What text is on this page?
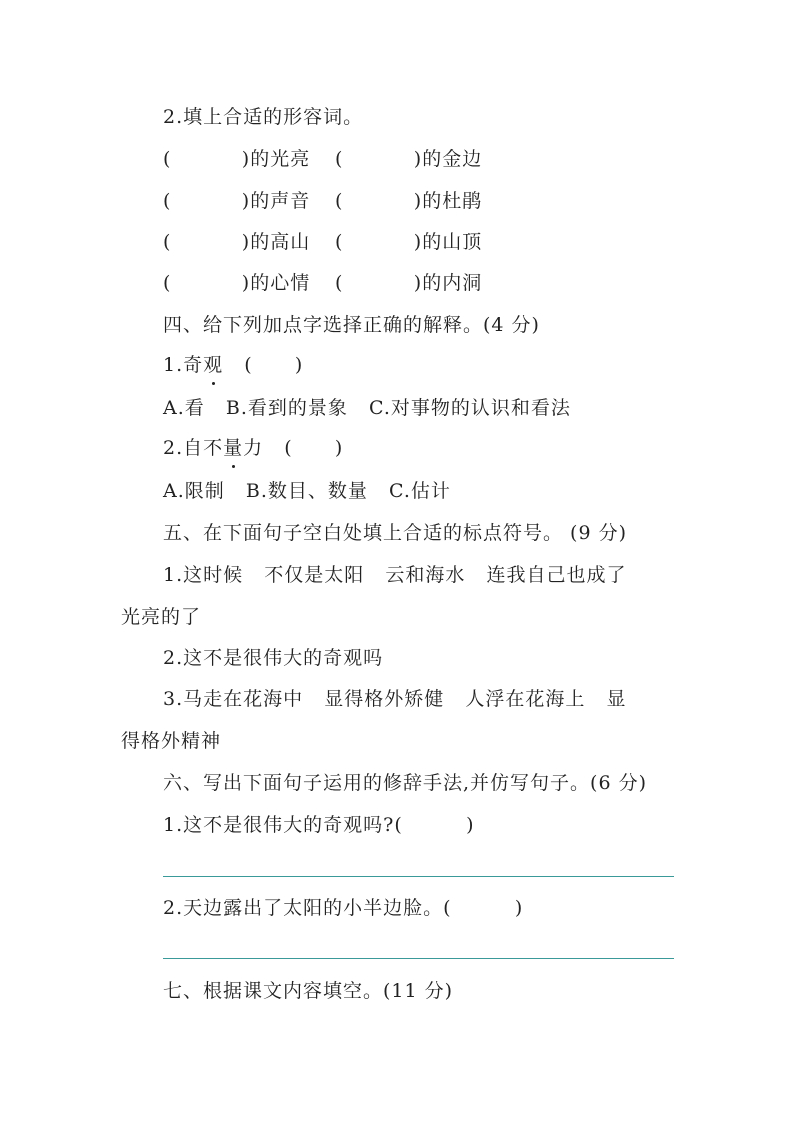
2.填上合适的形容词。
(          )的光亮 (          )的金边
(          )的声音 (          )的杜鹃
(          )的高山 (          )的山顶
(          )的心情 (          )的内洞
四、给下列加点字选择正确的解释。(4 分)
1.奇观
(      )
A.看   B.看到的景象   C.对事物的认识和看法
2.自不量
力   (      )
A.限制   B.数目、数量   C.估计
五、在下面句子空白处填上合适的标点符号。 (9 分)
1.这时候   不仅是太阳   云和海水   连我自己也成了
光亮的了
2.这不是很伟大的奇观吗
3.马走在花海中   显得格外矫健   人浮在花海上   显
得格外精神
六、写出下面句子运用的修辞手法,并仿写句子。(6 分)
1.这不是很伟大的奇观吗?(         )
2.天边露出了太阳的小半边脸。(         )
七、根据课文内容填空。(11 分)
